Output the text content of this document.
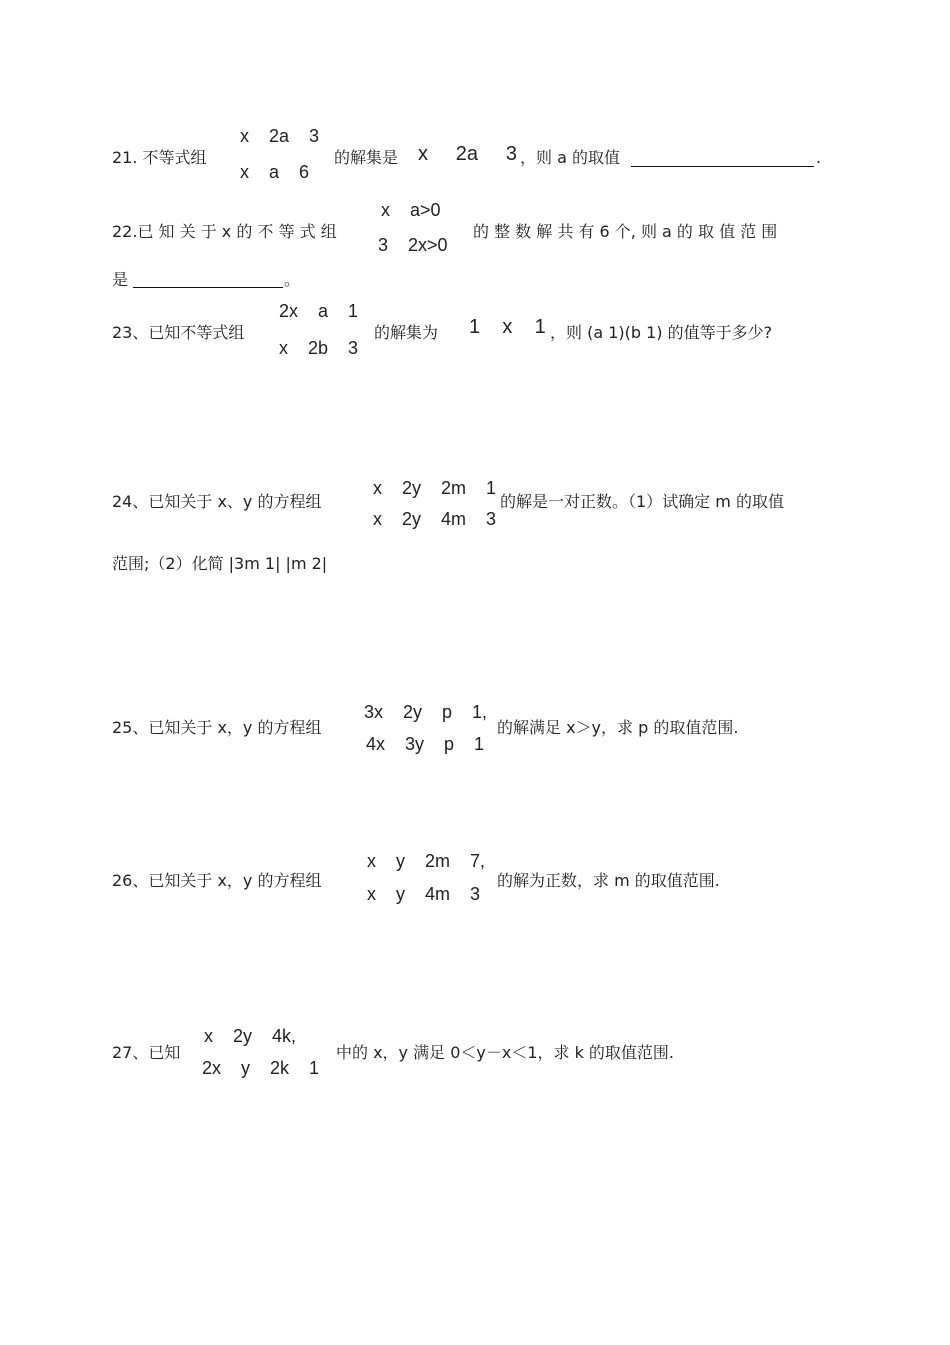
21. 不等式组
x    2a    3
x    a    6
的解集是 x     2a     3 ，则 a 的取值	.
22.已 知 关 于 x 的 不 等 式 组
x    a>0
3    2x>0
的 整 数 解 共 有 6 个, 则 a 的 取 值 范 围
是	。
23、已知不等式组
2x    a    1
x    2b    3
的解集为 1    x    1 ，则 (a 1)(b 1) 的值等于多少?
24、已知关于 x、y 的方程组
x    2y    2m    1
x    2y    4m    3
的解是一对正数。（1）试确定 m 的取值
范围;（2）化简 |3m 1| |m 2|
25、已知关于 x，y 的方程组
3x    2y    p    1,
4x    3y    p    1
的解满足 x＞y，求 p 的取值范围.
26、已知关于 x，y 的方程组
x    y    2m    7,
x    y    4m    3
的解为正数，求 m 的取值范围.
27、已知
x    2y    4k,
2x    y    2k    1
中的 x，y 满足 0＜y－x＜1，求 k 的取值范围.
